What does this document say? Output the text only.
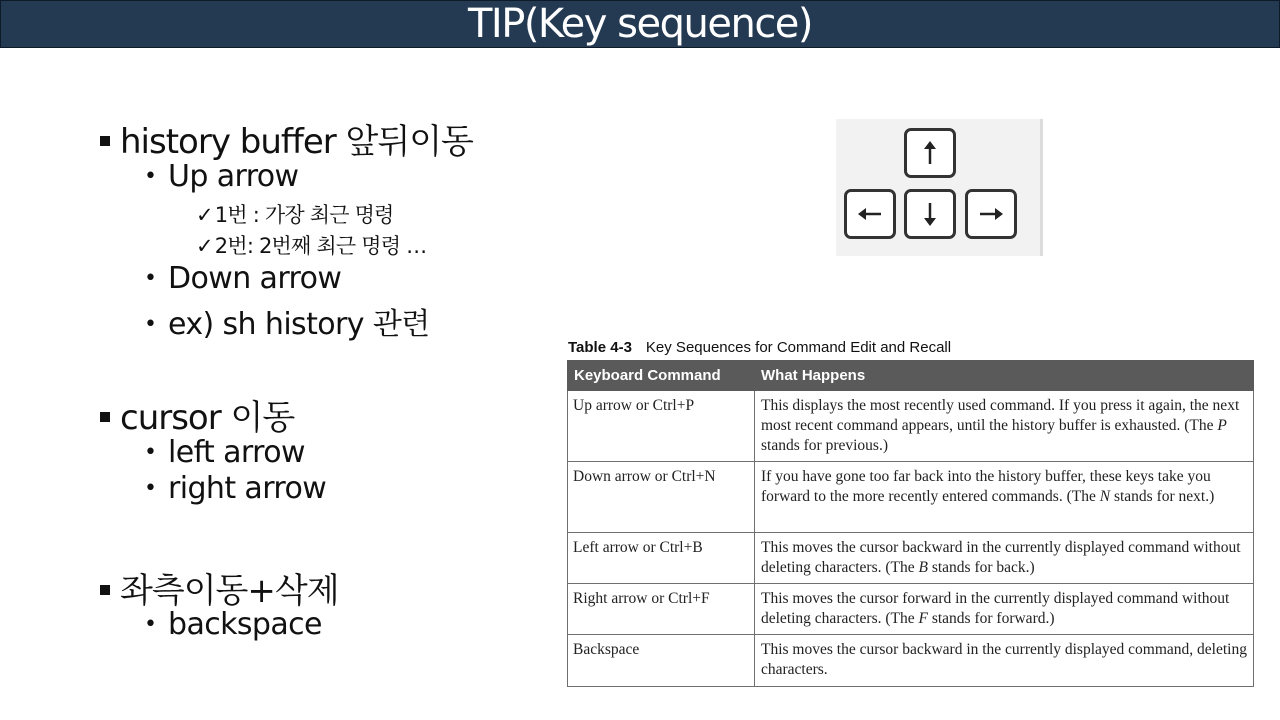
TIP(Key sequence)
history buffer 앞뒤이동
• Up arrow
✓1번 : 가장 최근 명령
✓2번: 2번째 최근 명령 …
• Down arrow
• ex) sh history 관련
cursor 이동
• left arrow
• right arrow
좌측이동+삭제
• backspace
Table 4-3 Key Sequences for Command Edit and Recall
Keyboard Command	What Happens
Up arrow or Ctrl+P	This displays the most recently used command. If you press it again, the next most recent command appears, until the history buffer is exhausted. (The P stands for previous.)
Down arrow or Ctrl+N	If you have gone too far back into the history buffer, these keys take you forward to the more recently entered commands. (The N stands for next.)
Left arrow or Ctrl+B	This moves the cursor backward in the currently displayed command without deleting characters. (The B stands for back.)
Right arrow or Ctrl+F	This moves the cursor forward in the currently displayed command without deleting characters. (The F stands for forward.)
Backspace	This moves the cursor backward in the currently displayed command, deleting characters.
